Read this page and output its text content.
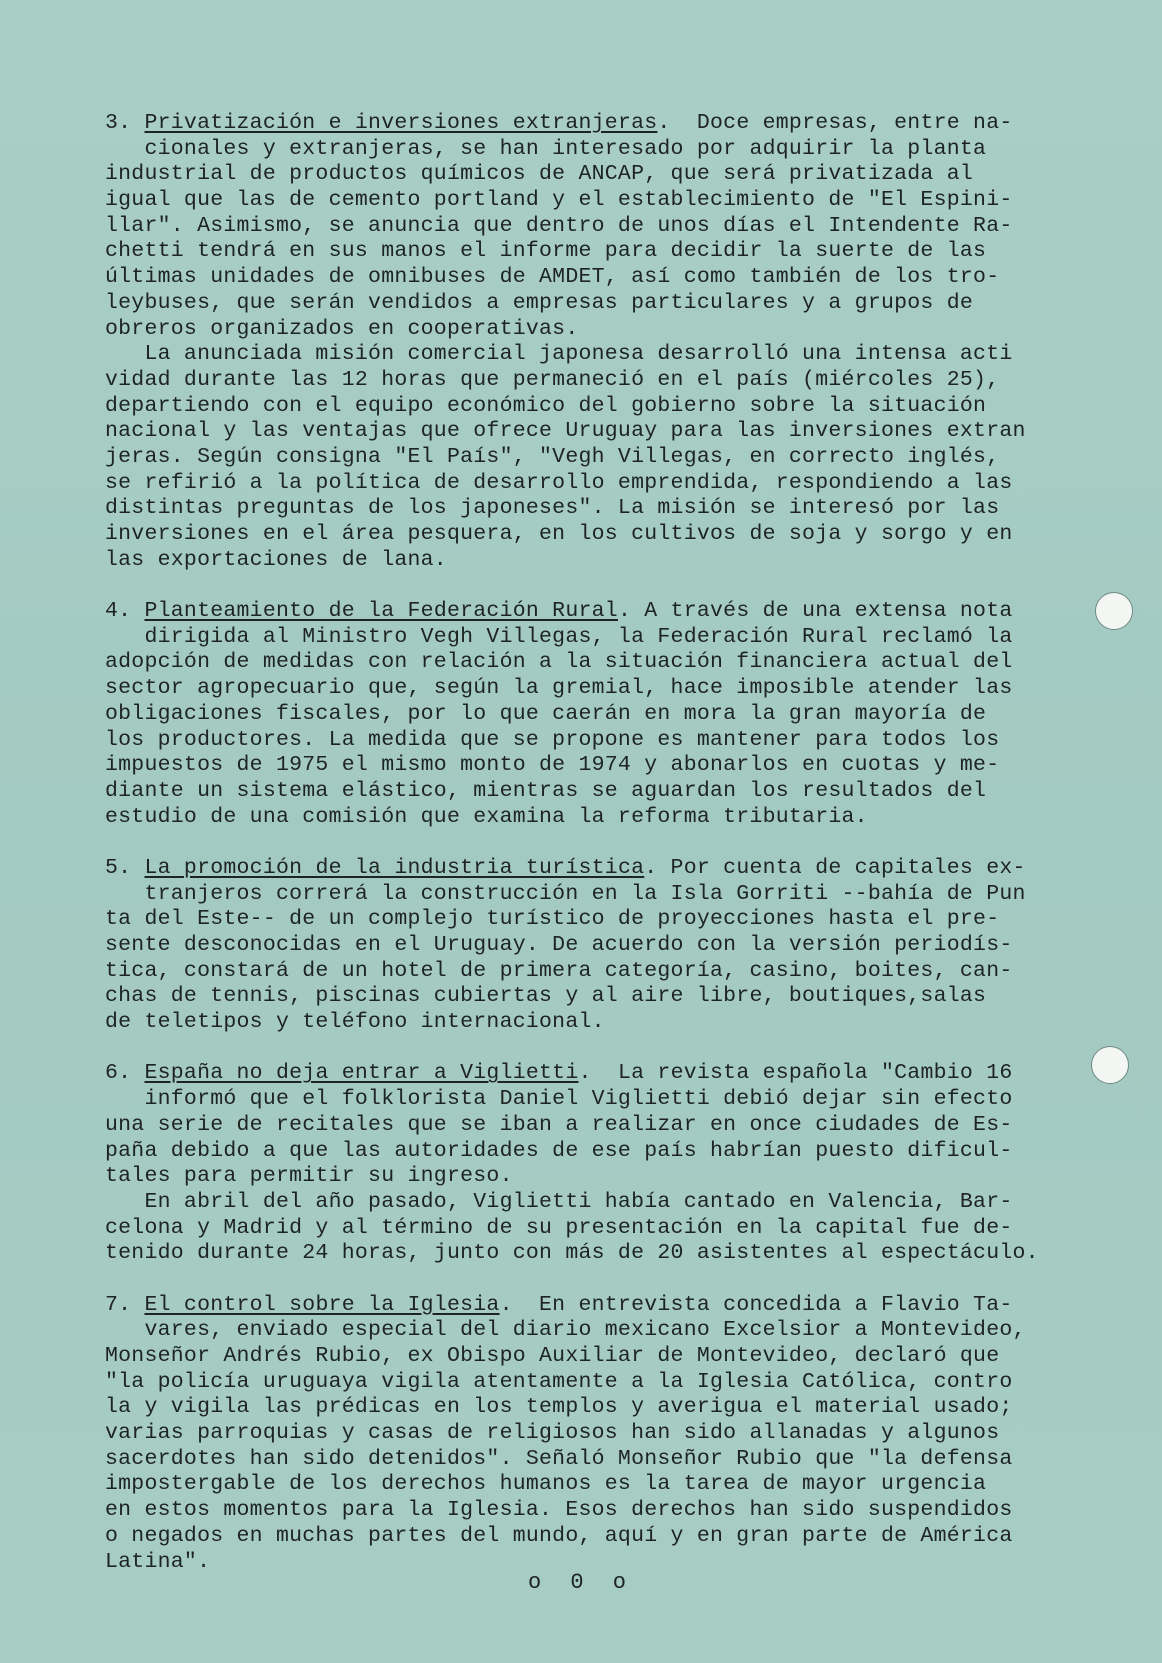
3. Privatización e inversiones extranjeras.  Doce empresas, entre na-
cionales y extranjeras, se han interesado por adquirir la planta
industrial de productos químicos de ANCAP, que será privatizada al
igual que las de cemento portland y el establecimiento de "El Espini-
llar". Asimismo, se anuncia que dentro de unos días el Intendente Ra-
chetti tendrá en sus manos el informe para decidir la suerte de las
últimas unidades de omnibuses de AMDET, así como también de los tro-
leybuses, que serán vendidos a empresas particulares y a grupos de
obreros organizados en cooperativas.
La anunciada misión comercial japonesa desarrolló una intensa acti
vidad durante las 12 horas que permaneció en el país (miércoles 25),
departiendo con el equipo económico del gobierno sobre la situación
nacional y las ventajas que ofrece Uruguay para las inversiones extran
jeras. Según consigna "El País", "Vegh Villegas, en correcto inglés,
se refirió a la política de desarrollo emprendida, respondiendo a las
distintas preguntas de los japoneses". La misión se interesó por las
inversiones en el área pesquera, en los cultivos de soja y sorgo y en
las exportaciones de lana.
4. Planteamiento de la Federación Rural. A través de una extensa nota
dirigida al Ministro Vegh Villegas, la Federación Rural reclamó la
adopción de medidas con relación a la situación financiera actual del
sector agropecuario que, según la gremial, hace imposible atender las
obligaciones fiscales, por lo que caerán en mora la gran mayoría de
los productores. La medida que se propone es mantener para todos los
impuestos de 1975 el mismo monto de 1974 y abonarlos en cuotas y me-
diante un sistema elástico, mientras se aguardan los resultados del
estudio de una comisión que examina la reforma tributaria.
5. La promoción de la industria turística. Por cuenta de capitales ex-
tranjeros correrá la construcción en la Isla Gorriti --bahía de Pun
ta del Este-- de un complejo turístico de proyecciones hasta el pre-
sente desconocidas en el Uruguay. De acuerdo con la versión periodís-
tica, constará de un hotel de primera categoría, casino, boites, can-
chas de tennis, piscinas cubiertas y al aire libre, boutiques,salas
de teletipos y teléfono internacional.
6. España no deja entrar a Viglietti.  La revista española "Cambio 16
informó que el folklorista Daniel Viglietti debió dejar sin efecto
una serie de recitales que se iban a realizar en once ciudades de Es-
paña debido a que las autoridades de ese país habrían puesto dificul-
tales para permitir su ingreso.
En abril del año pasado, Viglietti había cantado en Valencia, Bar-
celona y Madrid y al término de su presentación en la capital fue de-
tenido durante 24 horas, junto con más de 20 asistentes al espectáculo.
7. El control sobre la Iglesia.  En entrevista concedida a Flavio Ta-
vares, enviado especial del diario mexicano Excelsior a Montevideo,
Monseñor Andrés Rubio, ex Obispo Auxiliar de Montevideo, declaró que
"la policía uruguaya vigila atentamente a la Iglesia Católica, contro
la y vigila las prédicas en los templos y averigua el material usado;
varias parroquias y casas de religiosos han sido allanadas y algunos
sacerdotes han sido detenidos". Señaló Monseñor Rubio que "la defensa
impostergable de los derechos humanos es la tarea de mayor urgencia
en estos momentos para la Iglesia. Esos derechos han sido suspendidos
o negados en muchas partes del mundo, aquí y en gran parte de América
Latina".
o 0 o
